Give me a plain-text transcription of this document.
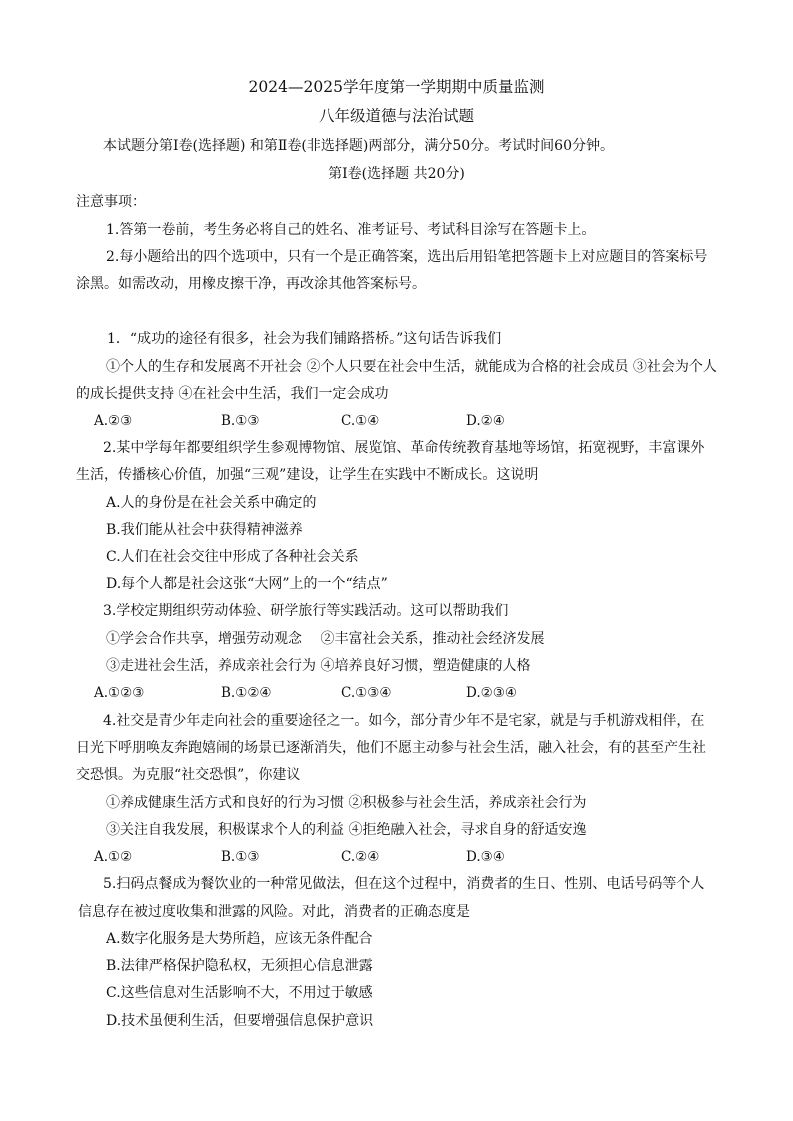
2024—2025学年度第一学期期中质量监测
八年级道德与法治试题
本试题分第Ⅰ卷(选择题) 和第Ⅱ卷(非选择题)两部分，满分50分。考试时间60分钟。
第Ⅰ卷(选择题 共20分)
注意事项：
1.答第一卷前，考生务必将自己的姓名、准考证号、考试科目涂写在答题卡上。
2.每小题给出的四个选项中，只有一个是正确答案，选出后用铅笔把答题卡上对应题目的答案标号
涂黑。如需改动，用橡皮擦干净，再改涂其他答案标号。
1．“成功的途径有很多，社会为我们铺路搭桥。”这句话告诉我们
①个人的生存和发展离不开社会 ②个人只要在社会中生活，就能成为合格的社会成员 ③社会为个人
的成长提供支持 ④在社会中生活，我们一定会成功
A.②③	B.①③	C.①④	D.②④
2.某中学每年都要组织学生参观博物馆、展览馆、革命传统教育基地等场馆，拓宽视野，丰富课外
生活，传播核心价值，加强“三观”建设，让学生在实践中不断成长。这说明
A.人的身份是在社会关系中确定的
B.我们能从社会中获得精神滋养
C.人们在社会交往中形成了各种社会关系
D.每个人都是社会这张“大网”上的一个“结点”
3.学校定期组织劳动体验、研学旅行等实践活动。这可以帮助我们
①学会合作共享，增强劳动观念　 ②丰富社会关系，推动社会经济发展
③走进社会生活，养成亲社会行为 ④培养良好习惯，塑造健康的人格
A.①②③	B.①②④	C.①③④	D.②③④
4.社交是青少年走向社会的重要途径之一。如今，部分青少年不是宅家，就是与手机游戏相伴，在
日光下呼朋唤友奔跑嬉闹的场景已逐渐消失，他们不愿主动参与社会生活，融入社会，有的甚至产生社
交恐惧。为克服“社交恐惧”，你建议
①养成健康生活方式和良好的行为习惯 ②积极参与社会生活，养成亲社会行为
③关注自我发展，积极谋求个人的利益 ④拒绝融入社会，寻求自身的舒适安逸
A.①②	B.①③	C.②④	D.③④
5.扫码点餐成为餐饮业的一种常见做法，但在这个过程中，消费者的生日、性别、电话号码等个人
信息存在被过度收集和泄露的风险。对此，消费者的正确态度是
A.数字化服务是大势所趋，应该无条件配合
B.法律严格保护隐私权，无须担心信息泄露
C.这些信息对生活影响不大，不用过于敏感
D.技术虽便利生活，但要增强信息保护意识
